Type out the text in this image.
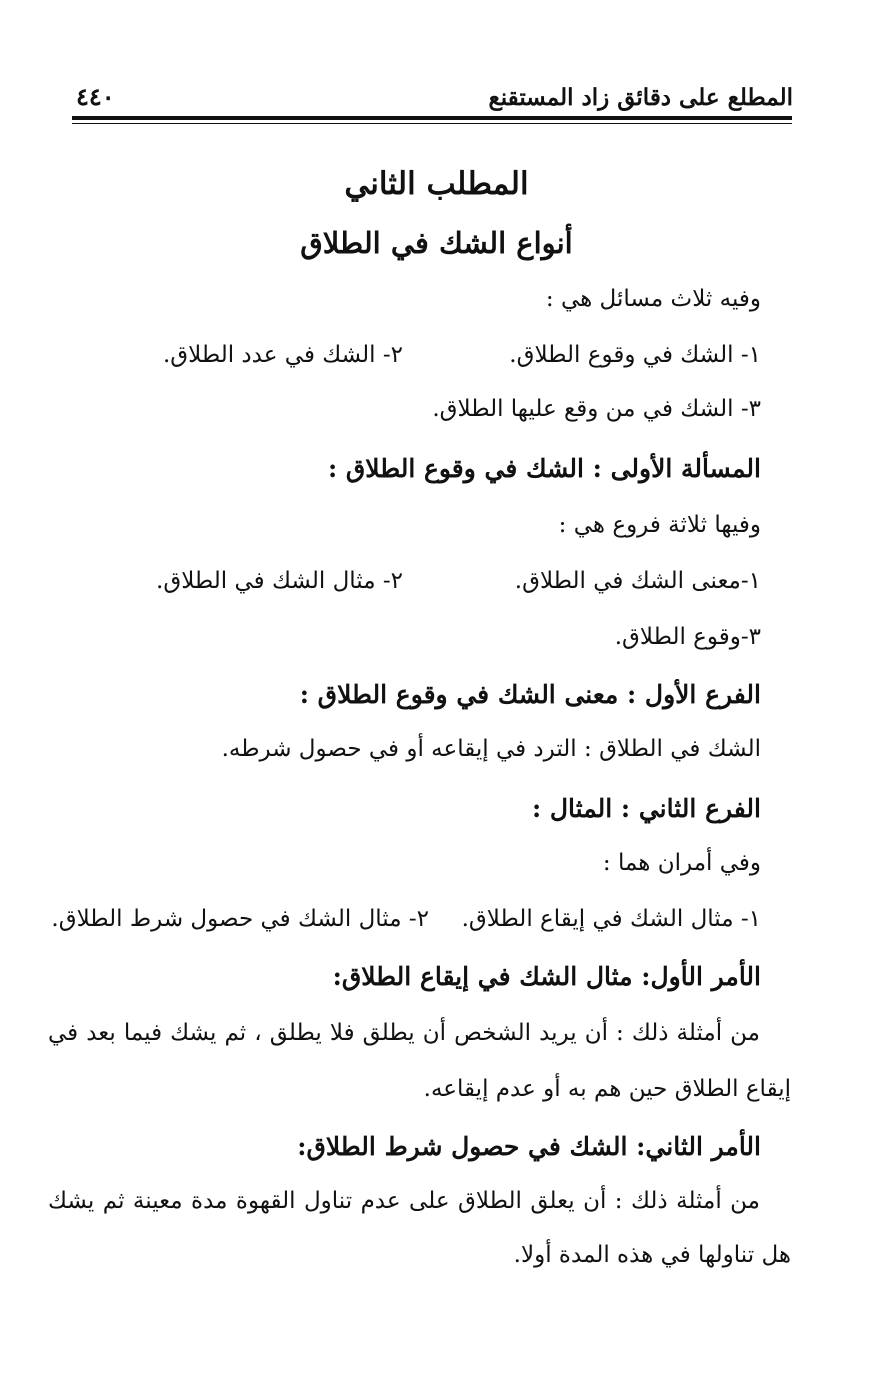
٤٤٠	المطلع على دقائق زاد المستقنع
المطلب الثاني
أنواع الشك في الطلاق
وفيه ثلاث مسائل هي :
١- الشك في وقوع الطلاق.
٢- الشك في عدد الطلاق.
٣- الشك في من وقع عليها الطلاق.
المسألة الأولى : الشك في وقوع الطلاق :
وفيها ثلاثة فروع هي :
١-معنى الشك في الطلاق.
٢- مثال الشك في الطلاق.
٣-وقوع الطلاق.
الفرع الأول : معنى الشك في وقوع الطلاق :
الشك في الطلاق : الترد في إيقاعه أو في حصول شرطه.
الفرع الثاني : المثال :
وفي أمران هما :
١- مثال الشك في إيقاع الطلاق.
٢- مثال الشك في حصول شرط الطلاق.
الأمر الأول: مثال الشك في إيقاع الطلاق:
من أمثلة ذلك : أن يريد الشخص أن يطلق فلا يطلق ، ثم يشك فيما بعد في
إيقاع الطلاق حين هم به أو عدم إيقاعه.
الأمر الثاني: الشك في حصول شرط الطلاق:
من أمثلة ذلك : أن يعلق الطلاق على عدم تناول القهوة مدة معينة ثم يشك
هل تناولها في هذه المدة أولا.
